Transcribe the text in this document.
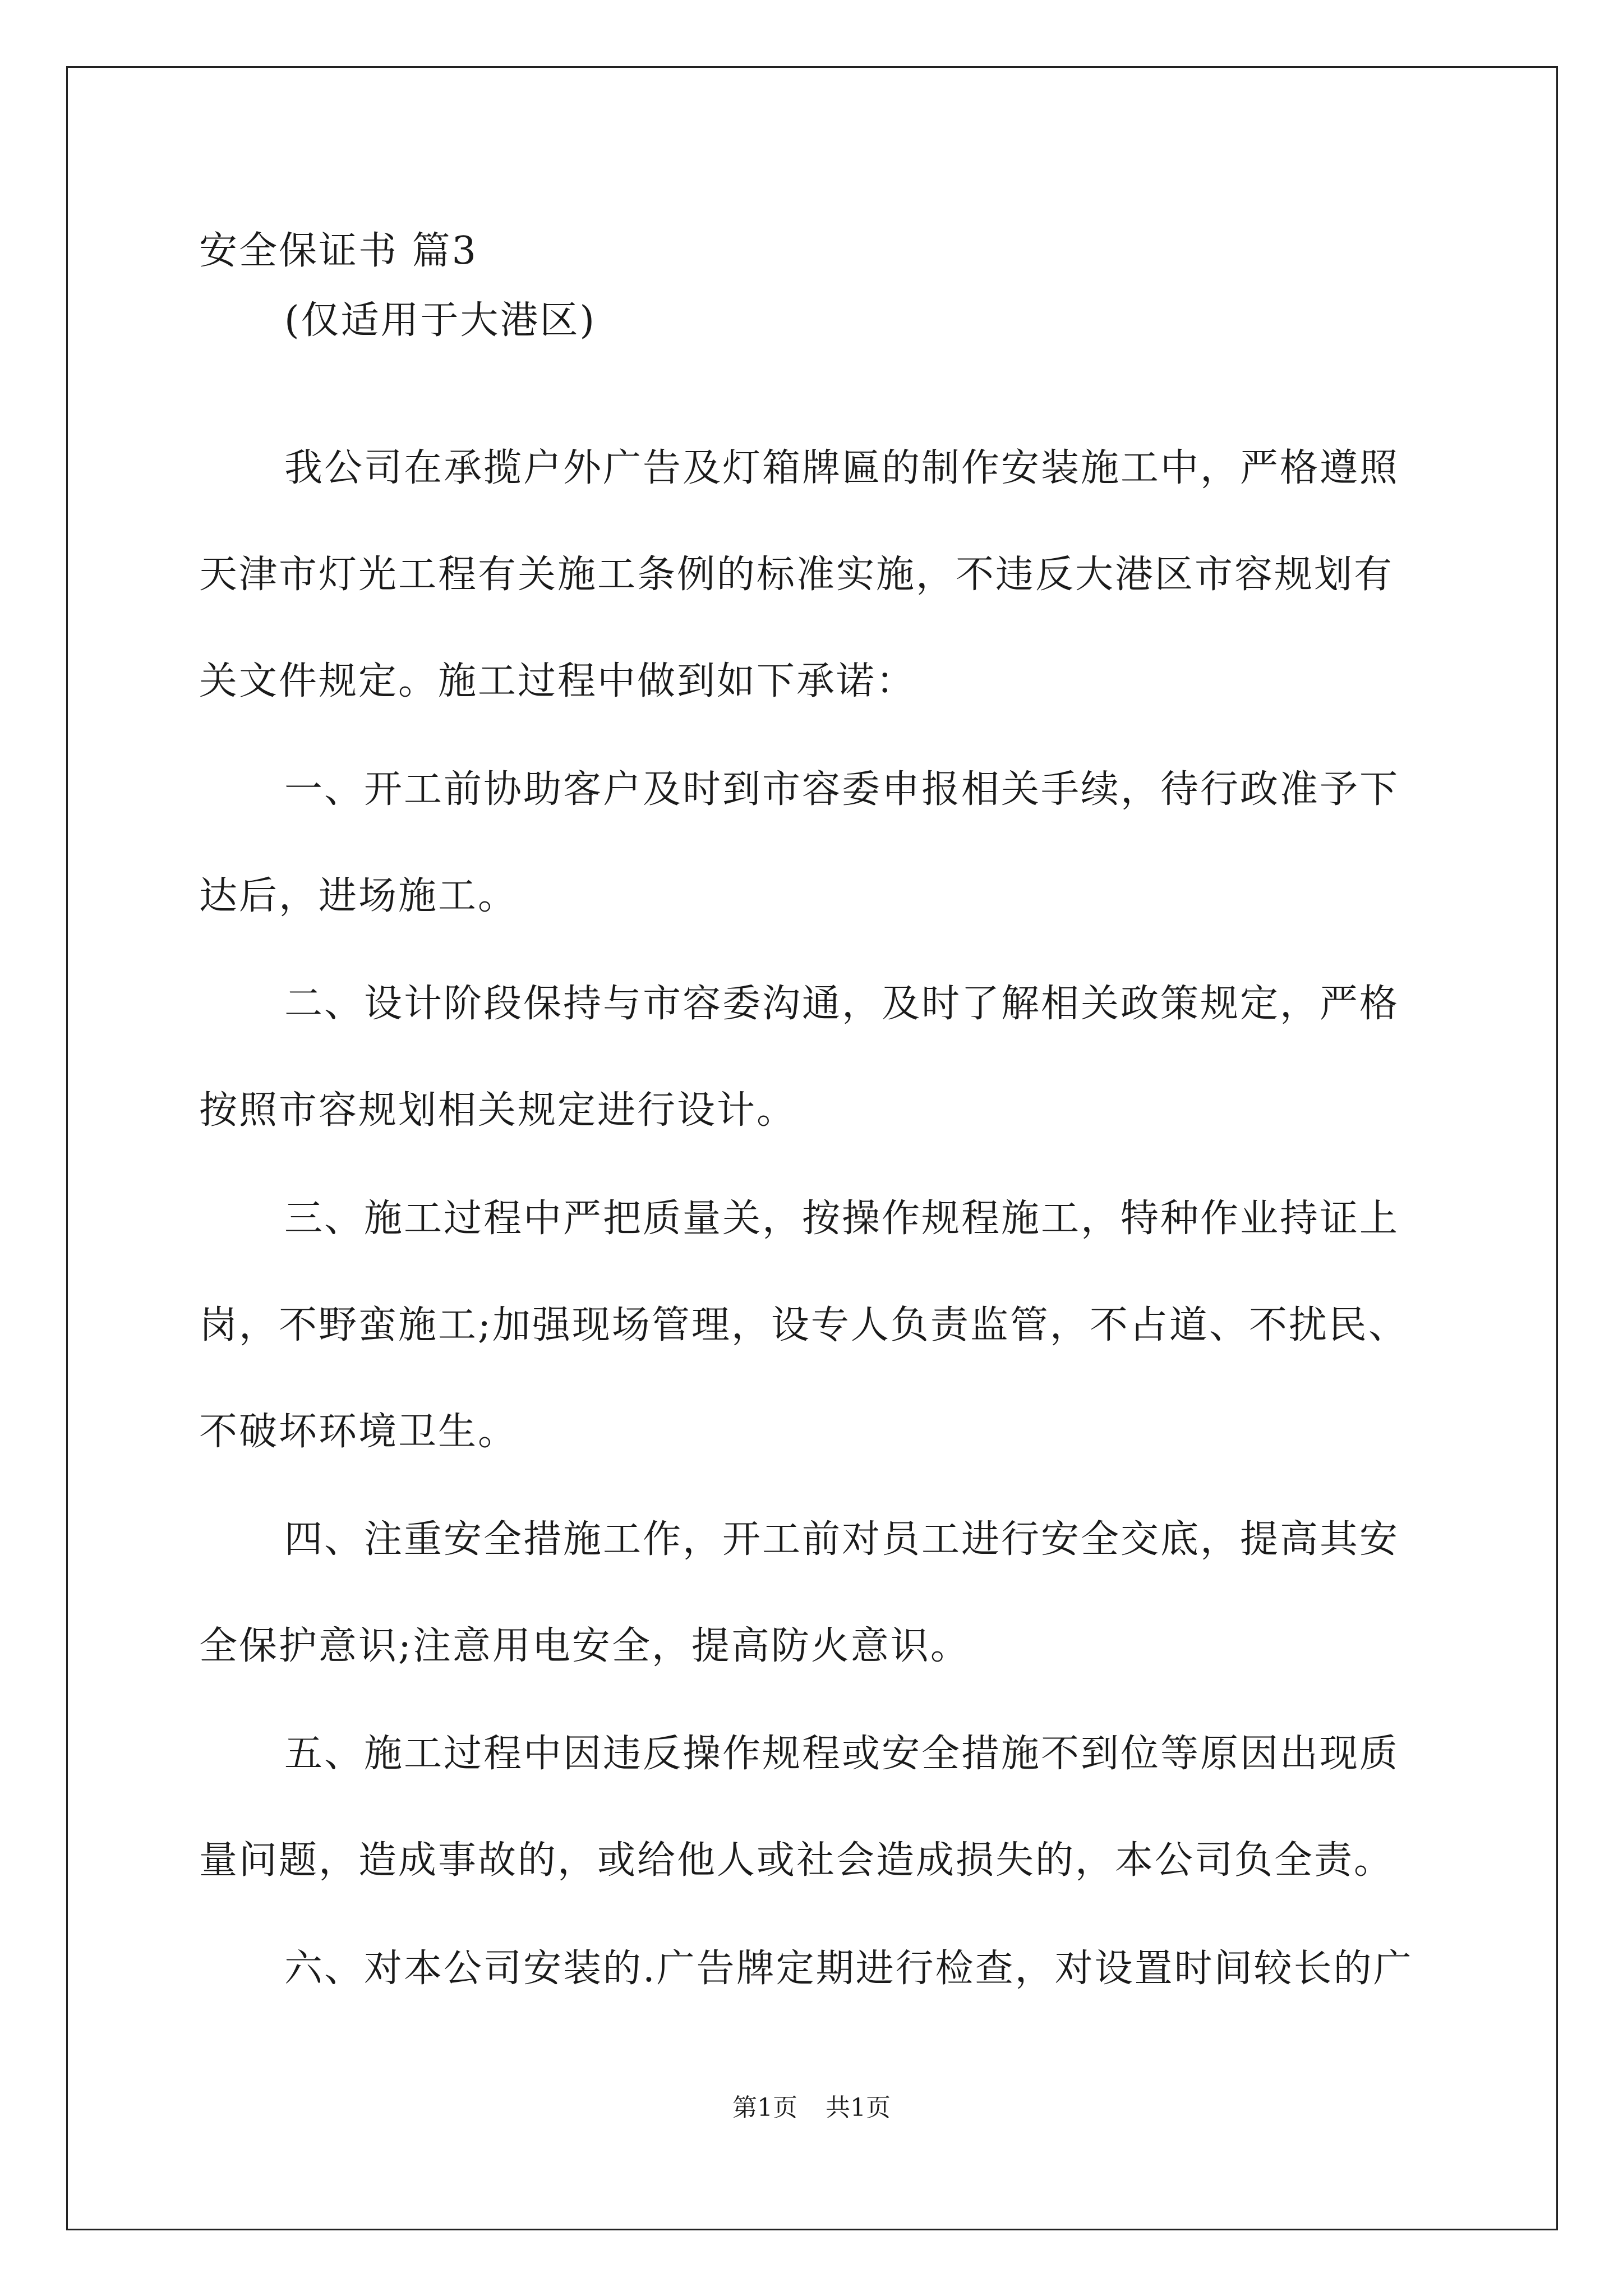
安全保证书 篇3
(仅适用于大港区)
我公司在承揽户外广告及灯箱牌匾的制作安装施工中，严格遵照
天津市灯光工程有关施工条例的标准实施，不违反大港区市容规划有
关文件规定。施工过程中做到如下承诺：
一、开工前协助客户及时到市容委申报相关手续，待行政准予下
达后，进场施工。
二、设计阶段保持与市容委沟通，及时了解相关政策规定，严格
按照市容规划相关规定进行设计。
三、施工过程中严把质量关，按操作规程施工，特种作业持证上
岗，不野蛮施工;加强现场管理，设专人负责监管，不占道、不扰民、
不破坏环境卫生。
四、注重安全措施工作，开工前对员工进行安全交底，提高其安
全保护意识;注意用电安全，提高防火意识。
五、施工过程中因违反操作规程或安全措施不到位等原因出现质
量问题，造成事故的，或给他人或社会造成损失的，本公司负全责。
六、对本公司安装的.广告牌定期进行检查，对设置时间较长的广
第1页 共1页
